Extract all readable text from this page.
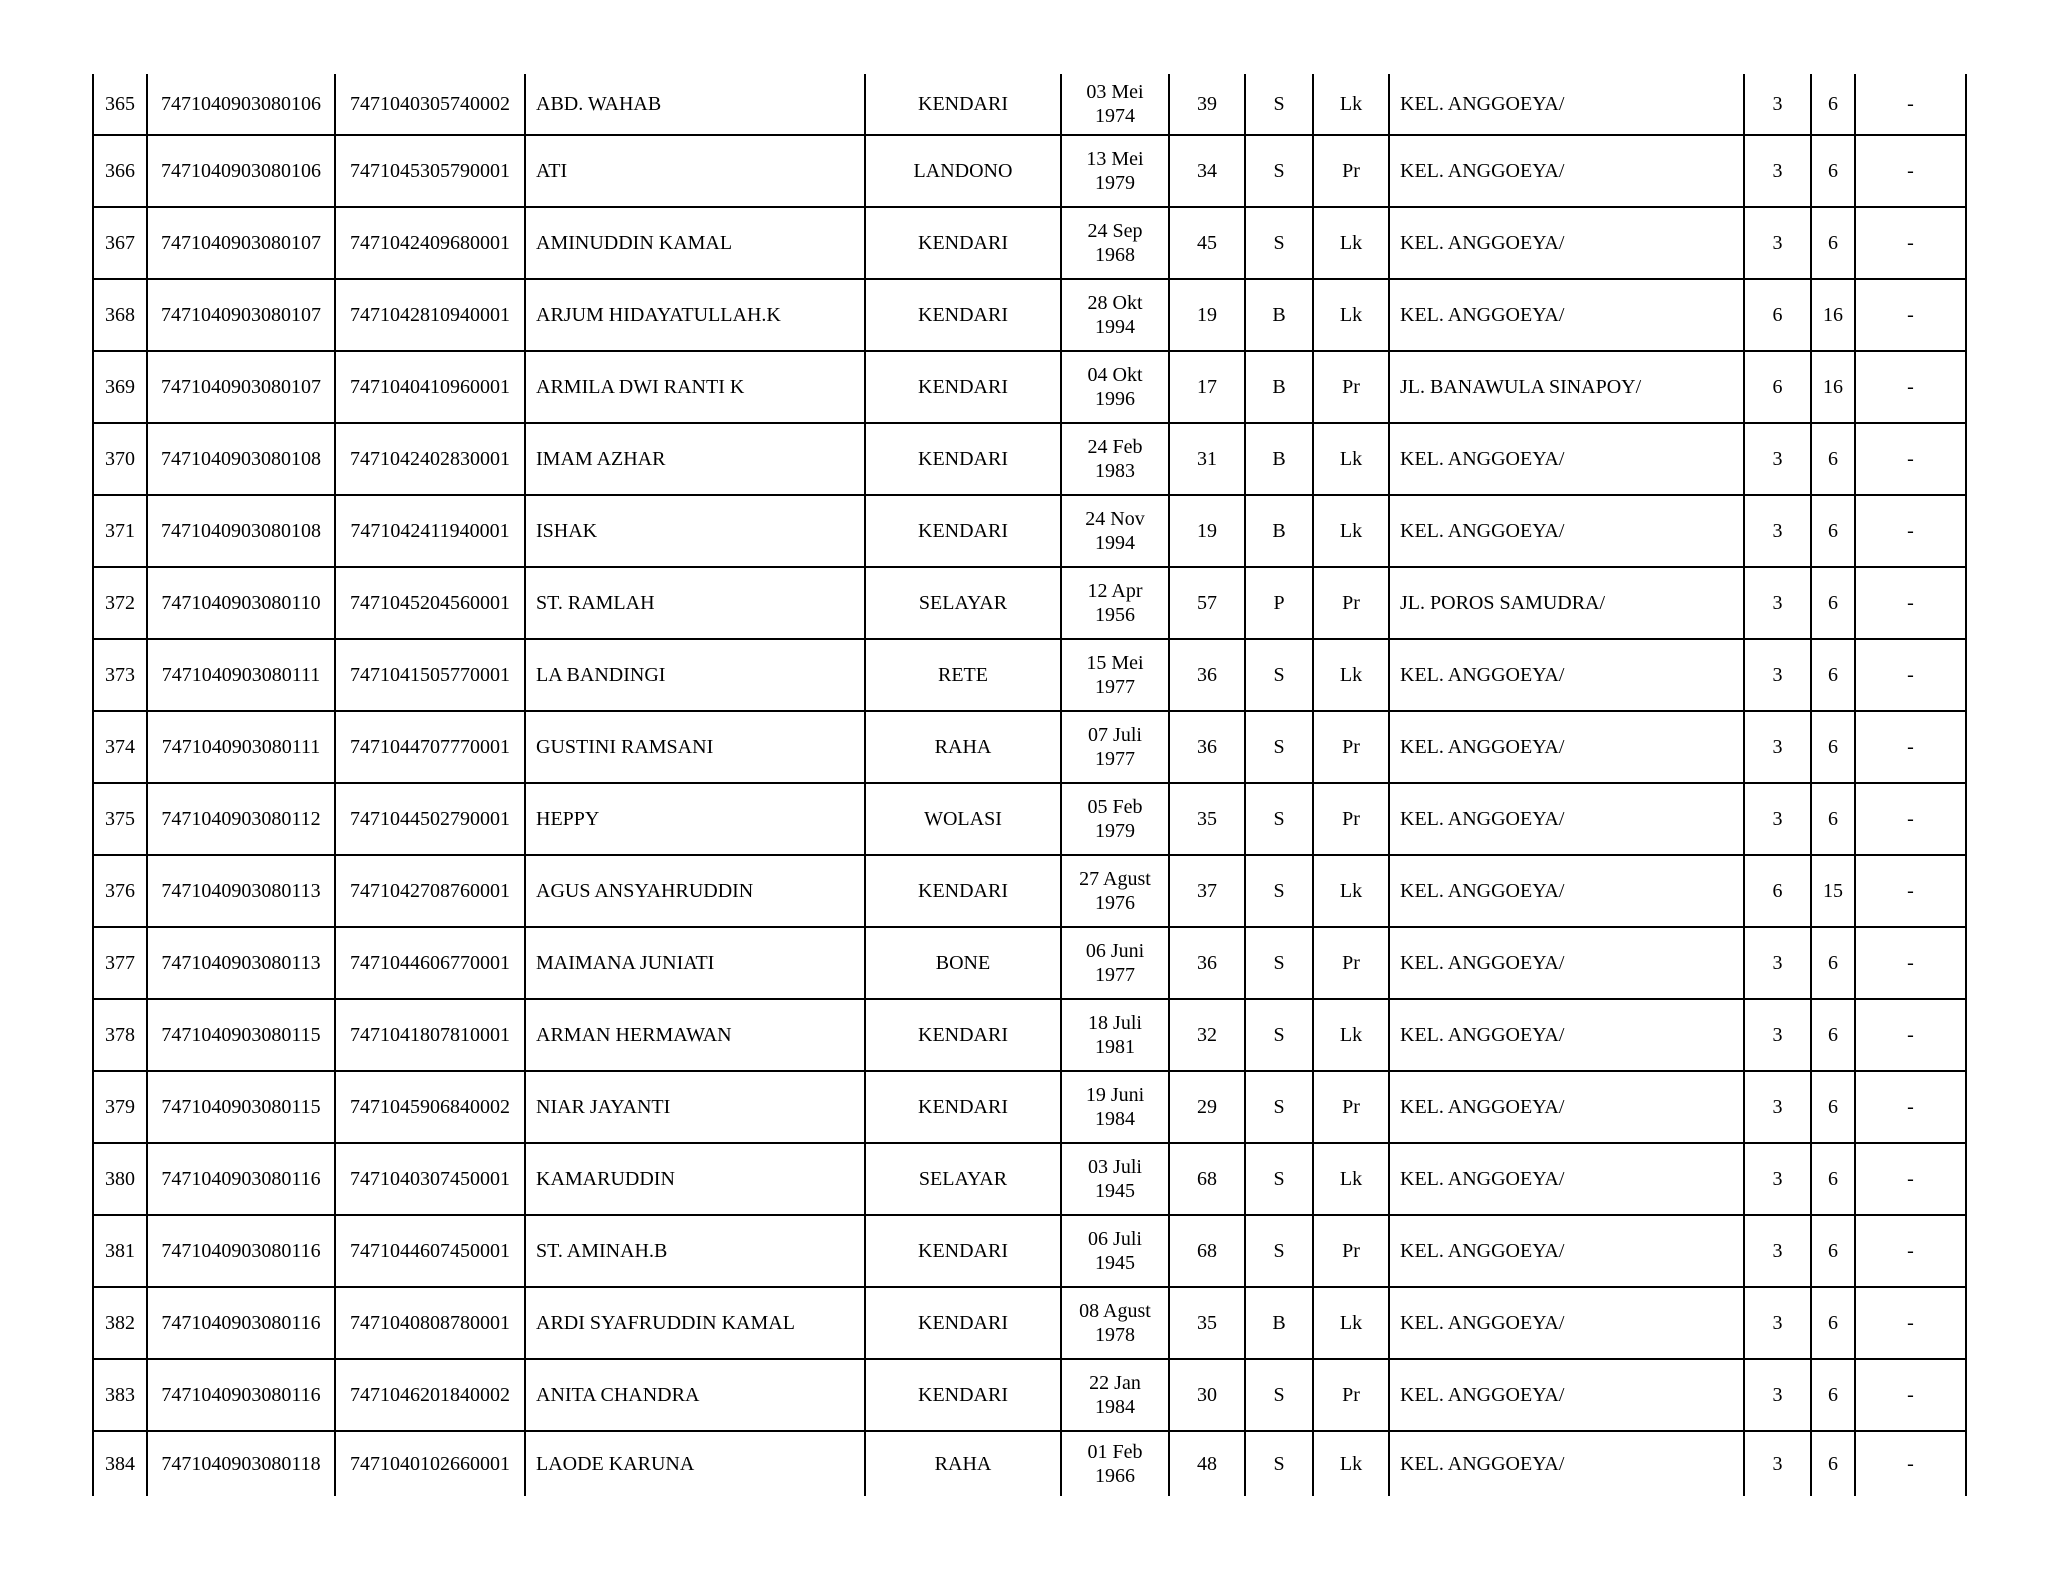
365	7471040903080106	7471040305740002	ABD. WAHAB	KENDARI	03 Mei
1974	39	S	Lk	KEL. ANGGOEYA/	3	6	-
366	7471040903080106	7471045305790001	ATI	LANDONO	13 Mei
1979	34	S	Pr	KEL. ANGGOEYA/	3	6	-
367	7471040903080107	7471042409680001	AMINUDDIN KAMAL	KENDARI	24 Sep
1968	45	S	Lk	KEL. ANGGOEYA/	3	6	-
368	7471040903080107	7471042810940001	ARJUM HIDAYATULLAH.K	KENDARI	28 Okt
1994	19	B	Lk	KEL. ANGGOEYA/	6	16	-
369	7471040903080107	7471040410960001	ARMILA DWI RANTI K	KENDARI	04 Okt
1996	17	B	Pr	JL. BANAWULA SINAPOY/	6	16	-
370	7471040903080108	7471042402830001	IMAM AZHAR	KENDARI	24 Feb
1983	31	B	Lk	KEL. ANGGOEYA/	3	6	-
371	7471040903080108	7471042411940001	ISHAK	KENDARI	24 Nov
1994	19	B	Lk	KEL. ANGGOEYA/	3	6	-
372	7471040903080110	7471045204560001	ST. RAMLAH	SELAYAR	12 Apr
1956	57	P	Pr	JL. POROS SAMUDRA/	3	6	-
373	7471040903080111	7471041505770001	LA BANDINGI	RETE	15 Mei
1977	36	S	Lk	KEL. ANGGOEYA/	3	6	-
374	7471040903080111	7471044707770001	GUSTINI RAMSANI	RAHA	07 Juli
1977	36	S	Pr	KEL. ANGGOEYA/	3	6	-
375	7471040903080112	7471044502790001	HEPPY	WOLASI	05 Feb
1979	35	S	Pr	KEL. ANGGOEYA/	3	6	-
376	7471040903080113	7471042708760001	AGUS ANSYAHRUDDIN	KENDARI	27 Agust
1976	37	S	Lk	KEL. ANGGOEYA/	6	15	-
377	7471040903080113	7471044606770001	MAIMANA JUNIATI	BONE	06 Juni
1977	36	S	Pr	KEL. ANGGOEYA/	3	6	-
378	7471040903080115	7471041807810001	ARMAN HERMAWAN	KENDARI	18 Juli
1981	32	S	Lk	KEL. ANGGOEYA/	3	6	-
379	7471040903080115	7471045906840002	NIAR JAYANTI	KENDARI	19 Juni
1984	29	S	Pr	KEL. ANGGOEYA/	3	6	-
380	7471040903080116	7471040307450001	KAMARUDDIN	SELAYAR	03 Juli
1945	68	S	Lk	KEL. ANGGOEYA/	3	6	-
381	7471040903080116	7471044607450001	ST. AMINAH.B	KENDARI	06 Juli
1945	68	S	Pr	KEL. ANGGOEYA/	3	6	-
382	7471040903080116	7471040808780001	ARDI SYAFRUDDIN KAMAL	KENDARI	08 Agust
1978	35	B	Lk	KEL. ANGGOEYA/	3	6	-
383	7471040903080116	7471046201840002	ANITA CHANDRA	KENDARI	22 Jan
1984	30	S	Pr	KEL. ANGGOEYA/	3	6	-
384	7471040903080118	7471040102660001	LAODE KARUNA	RAHA	01 Feb
1966	48	S	Lk	KEL. ANGGOEYA/	3	6	-
